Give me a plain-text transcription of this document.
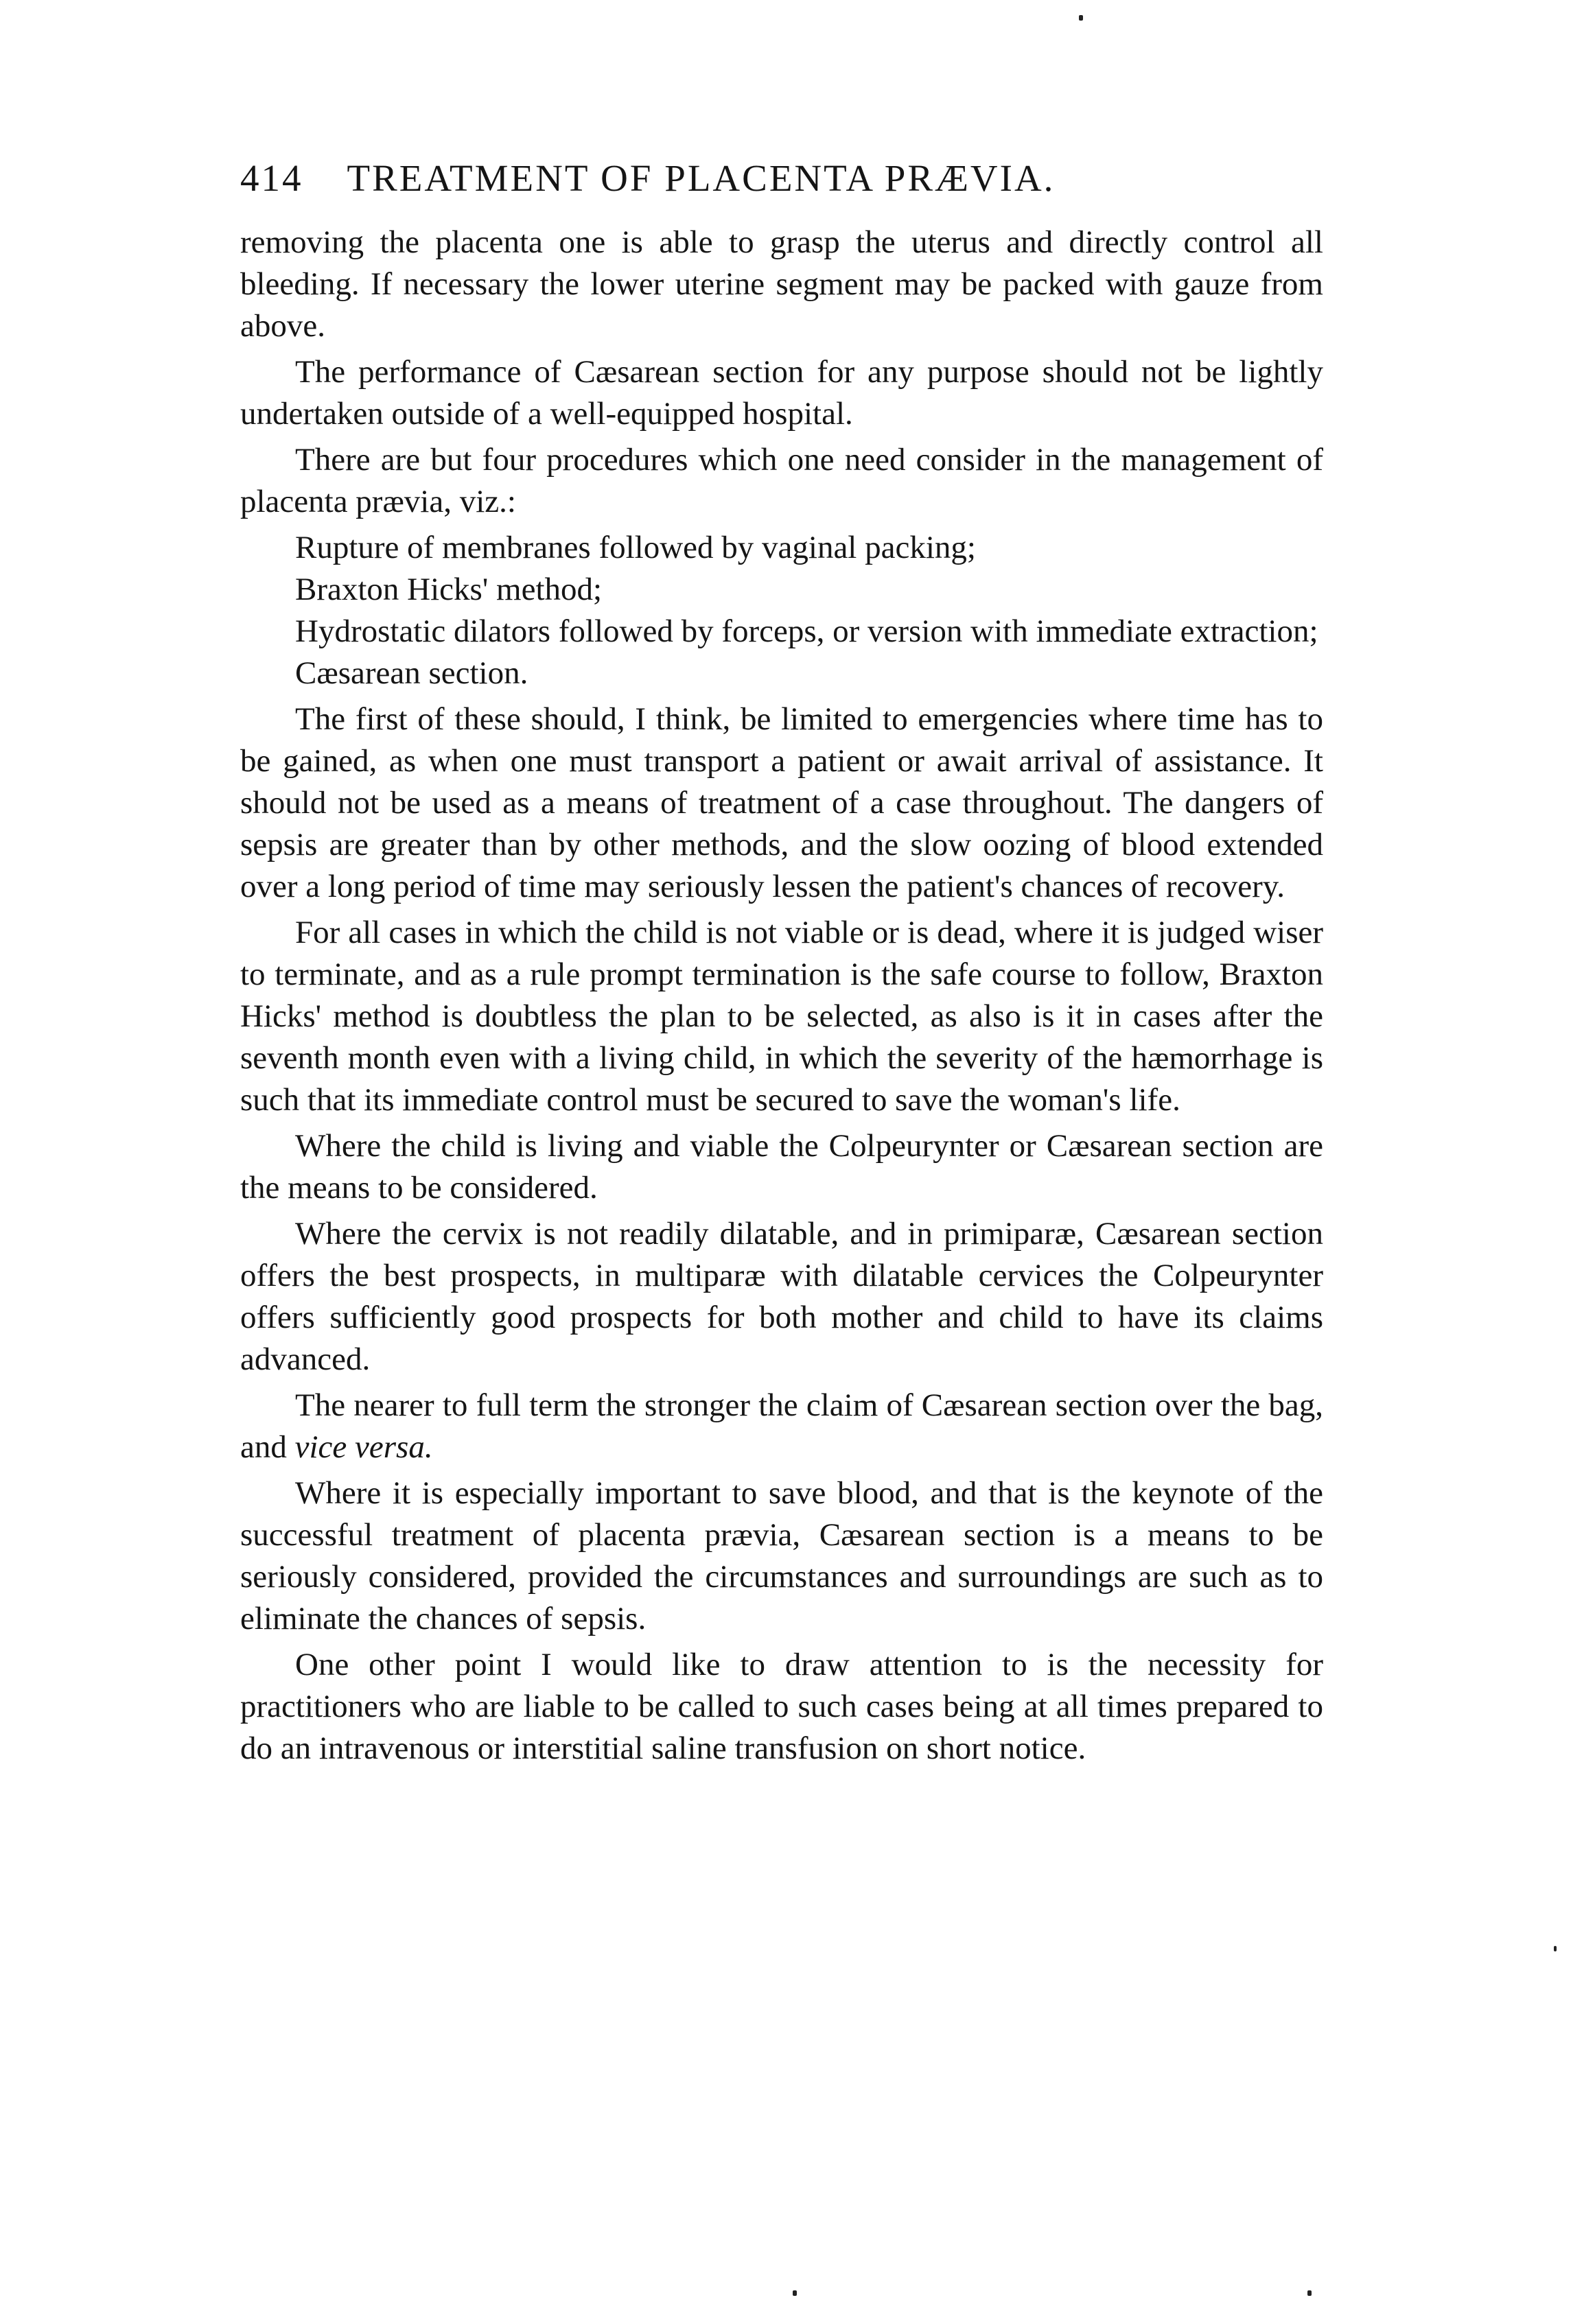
414 TREATMENT OF PLACENTA PRÆVIA.

removing the placenta one is able to grasp the uterus and directly control all bleeding. If necessary the lower uterine segment may be packed with gauze from above.

The performance of Cæsarean section for any purpose should not be lightly undertaken outside of a well-equipped hospital.

There are but four procedures which one need consider in the management of placenta prævia, viz.:

Rupture of membranes followed by vaginal packing;

Braxton Hicks' method;

Hydrostatic dilators followed by forceps, or version with immediate extraction;

Cæsarean section.

The first of these should, I think, be limited to emergencies where time has to be gained, as when one must transport a patient or await arrival of assistance. It should not be used as a means of treatment of a case throughout. The dangers of sepsis are greater than by other methods, and the slow oozing of blood extended over a long period of time may seriously lessen the patient's chances of recovery.

For all cases in which the child is not viable or is dead, where it is judged wiser to terminate, and as a rule prompt termination is the safe course to follow, Braxton Hicks' method is doubtless the plan to be selected, as also is it in cases after the seventh month even with a living child, in which the severity of the hæmorrhage is such that its immediate control must be secured to save the woman's life.

Where the child is living and viable the Colpeurynter or Cæsarean section are the means to be considered.

Where the cervix is not readily dilatable, and in primiparæ, Cæsarean section offers the best prospects, in multiparæ with dilatable cervices the Colpeurynter offers sufficiently good prospects for both mother and child to have its claims advanced.

The nearer to full term the stronger the claim of Cæsarean section over the bag, and vice versa.

Where it is especially important to save blood, and that is the keynote of the successful treatment of placenta prævia, Cæsarean section is a means to be seriously considered, provided the circumstances and surroundings are such as to eliminate the chances of sepsis.

One other point I would like to draw attention to is the necessity for practitioners who are liable to be called to such cases being at all times prepared to do an intravenous or interstitial saline transfusion on short notice.
